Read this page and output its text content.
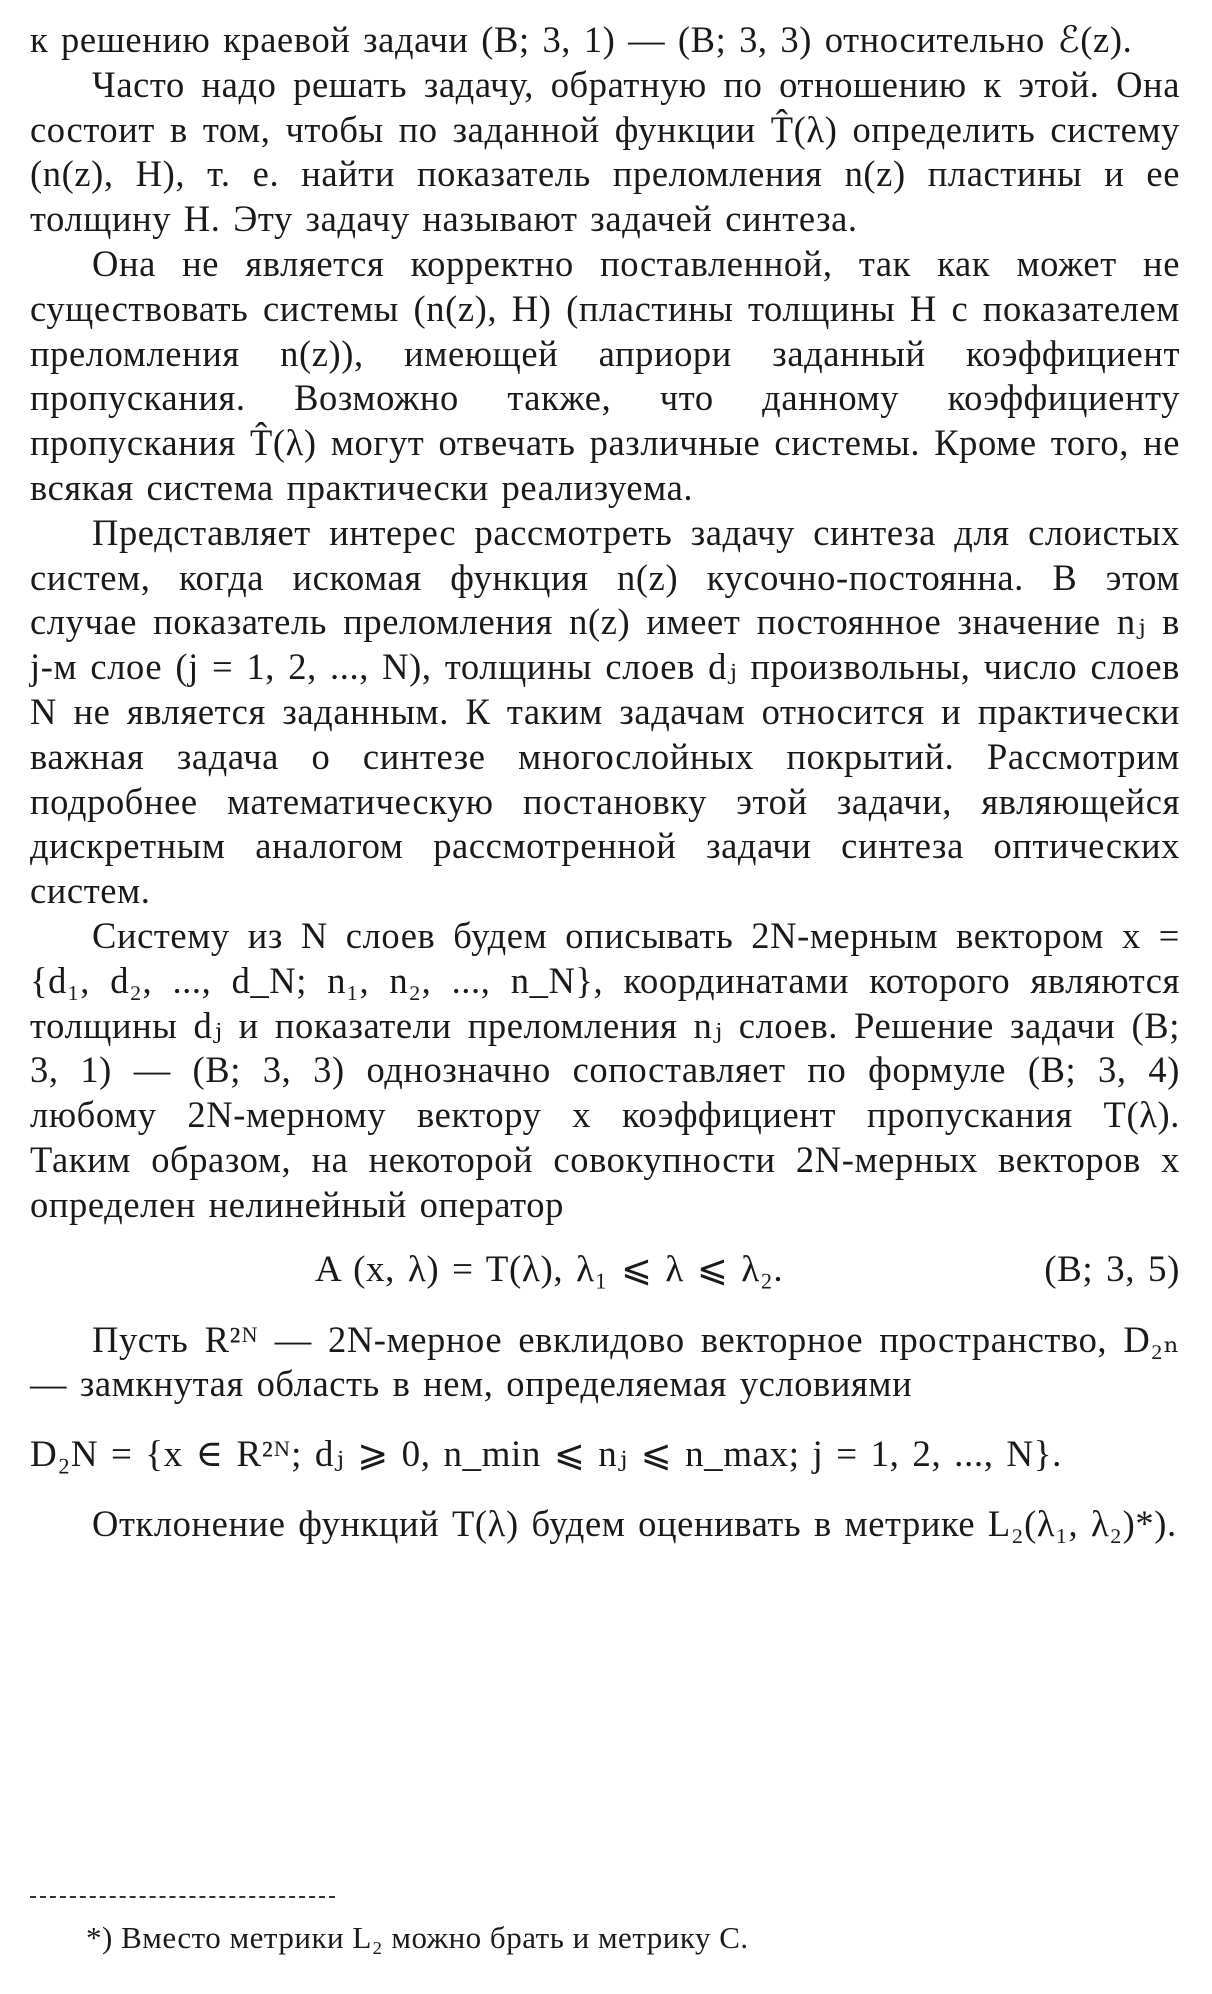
к решению краевой задачи (B; 3, 1) — (B; 3, 3) относительно ℰ(z).

Часто надо решать задачу, обратную по отношению к этой. Она состоит в том, чтобы по заданной функции T̂(λ) определить систему (n(z), H), т. е. найти показатель преломления n(z) пластины и ее толщину H. Эту задачу называют задачей синтеза.

Она не является корректно поставленной, так как может не существовать системы (n(z), H) (пластины толщины H с показателем преломления n(z)), имеющей априори заданный коэффициент пропускания. Возможно также, что данному коэффициенту пропускания T̂(λ) могут отвечать различные системы. Кроме того, не всякая система практически реализуема.

Представляет интерес рассмотреть задачу синтеза для слоистых систем, когда искомая функция n(z) кусочно-постоянна. В этом случае показатель преломления n(z) имеет постоянное значение nⱼ в j-м слое (j = 1, 2, ..., N), толщины слоев dⱼ произвольны, число слоев N не является заданным. К таким задачам относится и практически важная задача о синтезе многослойных покрытий. Рассмотрим подробнее математическую постановку этой задачи, являющейся дискретным аналогом рассмотренной задачи синтеза оптических систем.

Систему из N слоев будем описывать 2N-мерным вектором x = {d₁, d₂, ..., d_N; n₁, n₂, ..., n_N}, координатами которого являются толщины dⱼ и показатели преломления nⱼ слоев. Решение задачи (B; 3, 1) — (B; 3, 3) однозначно сопоставляет по формуле (B; 3, 4) любому 2N-мерному вектору x коэффициент пропускания T(λ). Таким образом, на некоторой совокупности 2N-мерных векторов x определен нелинейный оператор

A (x, λ) = T(λ), λ₁ ⩽ λ ⩽ λ₂.	(B; 3, 5)

Пусть R²ᴺ — 2N-мерное евклидово векторное пространство, D₂ₙ — замкнутая область в нем, определяемая условиями

D₂N = {x ∈ R²ᴺ; dⱼ ⩾ 0, n_min ⩽ nⱼ ⩽ n_max; j = 1, 2, ..., N}.

Отклонение функций T(λ) будем оценивать в метрике L₂(λ₁, λ₂)*).

*) Вместо метрики L₂ можно брать и метрику C.
